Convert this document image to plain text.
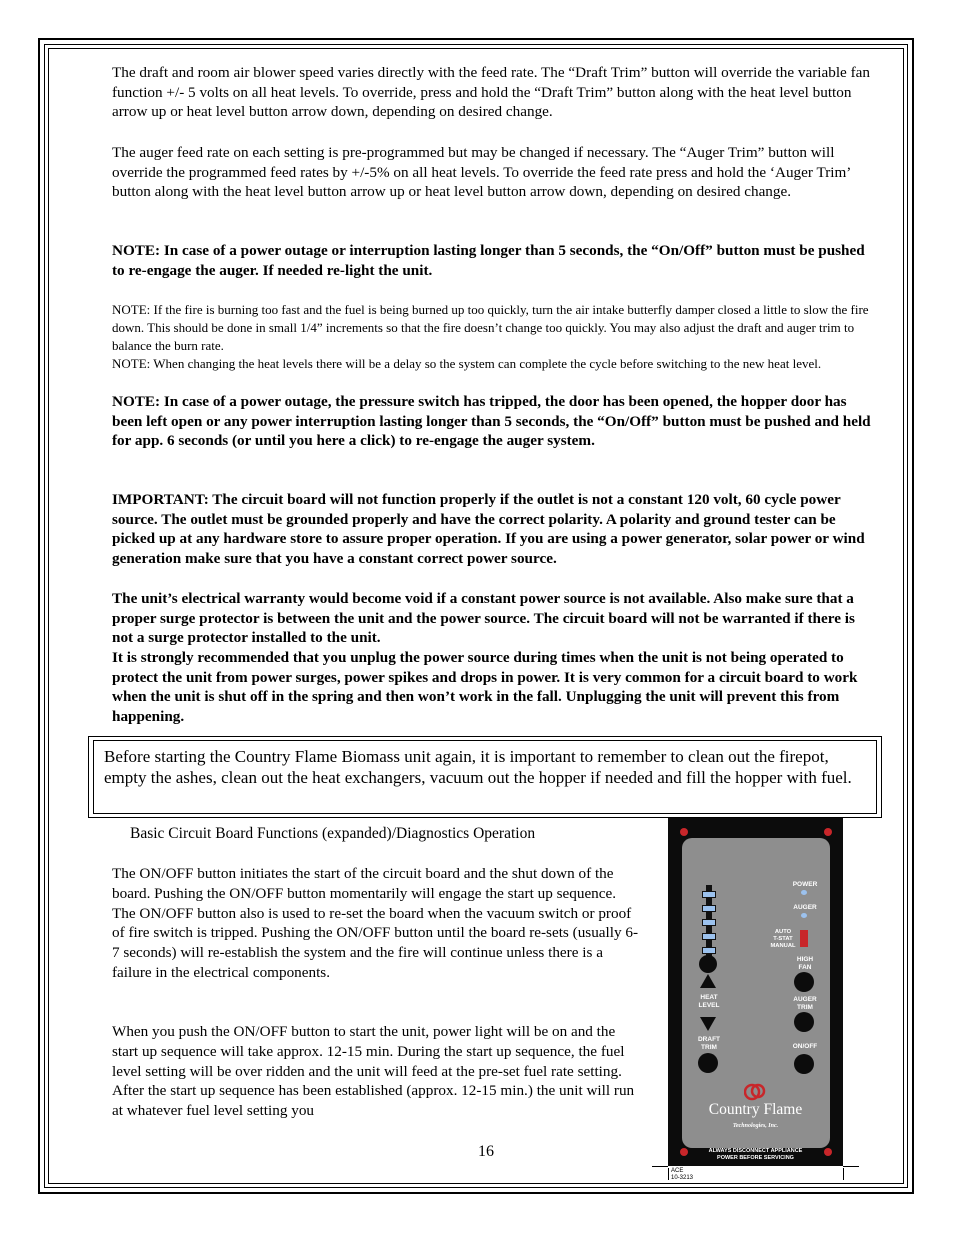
The draft and room air blower speed varies directly with the feed rate. The “Draft Trim” button will override the variable fan function +/- 5 volts on all heat levels. To override, press and hold the “Draft Trim” button along with the heat level button arrow up or heat level button arrow down, depending on desired change.

The auger feed rate on each setting is pre-programmed but may be changed if necessary. The “Auger Trim” button will override the programmed feed rates by +/-5% on all heat levels. To override the feed rate press and hold the ‘Auger Trim’ button along with the heat level button arrow up or heat level button arrow down, depending on desired change.

NOTE: In case of a power outage or interruption lasting longer than 5 seconds, the “On/Off” button must be pushed to re-engage the auger. If needed re-light the unit.

NOTE: If the fire is burning too fast and the fuel is being burned up too quickly, turn the air intake butterfly damper closed a little to slow the fire down. This should be done in small 1/4” increments so that the fire doesn’t change too quickly. You may also adjust the draft and auger trim to balance the burn rate.

NOTE: When changing the heat levels there will be a delay so the system can complete the cycle before switching to the new heat level.

NOTE: In case of a power outage, the pressure switch has tripped, the door has been opened, the hopper door has been left open or any power interruption lasting longer than 5 seconds, the “On/Off” button must be pushed and held for app. 6 seconds (or until you here a click) to re-engage the auger system.

IMPORTANT: The circuit board will not function properly if the outlet is not a constant 120 volt, 60 cycle power source. The outlet must be grounded properly and have the correct polarity. A polarity and ground tester can be picked up at any hardware store to assure proper operation. If you are using a power generator, solar power or wind generation make sure that you have a constant correct power source.

The unit’s electrical warranty would become void if a constant power source is not available. Also make sure that a proper surge protector is between the unit and the power source. The circuit board will not be warranted if there is not a surge protector installed to the unit.

It is strongly recommended that you unplug the power source during times when the unit is not being operated to protect the unit from power surges, power spikes and drops in power. It is very common for a circuit board to work when the unit is shut off in the spring and then won’t work in the fall. Unplugging the unit will prevent this from happening.

Before starting the Country Flame Biomass unit again, it is important to remember to clean out the firepot, empty the ashes, clean out the heat exchangers, vacuum out the hopper if needed and fill the hopper with fuel.

Basic Circuit Board Functions (expanded)/Diagnostics Operation

The ON/OFF button initiates the start of the circuit board and the shut down of the board. Pushing the ON/OFF button momentarily will engage the start up sequence. The ON/OFF button also is used to re-set the board when the vacuum switch or proof of fire switch is tripped. Pushing the ON/OFF button until the board re-sets (usually 6-7 seconds) will re-establish the system and the fire will continue unless there is a failure in the electrical components.

When you push the ON/OFF button to start the unit, power light will be on and the start up sequence will take approx. 12-15 min. During the start up sequence, the fuel level setting will be over ridden and the unit will feed at the pre-set fuel rate setting. After the start up sequence has been established (approx. 12-15 min.) the unit will run at whatever fuel level setting you

16
HEAT
LEVEL
DRAFT
TRIM
POWER
AUGER
AUTO
T-STAT
MANUAL
HIGH
FAN
AUGER
TRIM
ON/OFF
Country Flame
Technologies, Inc.
ALWAYS DISCONNECT APPLIANCE
POWER BEFORE SERVICING
ACE
10-3213
